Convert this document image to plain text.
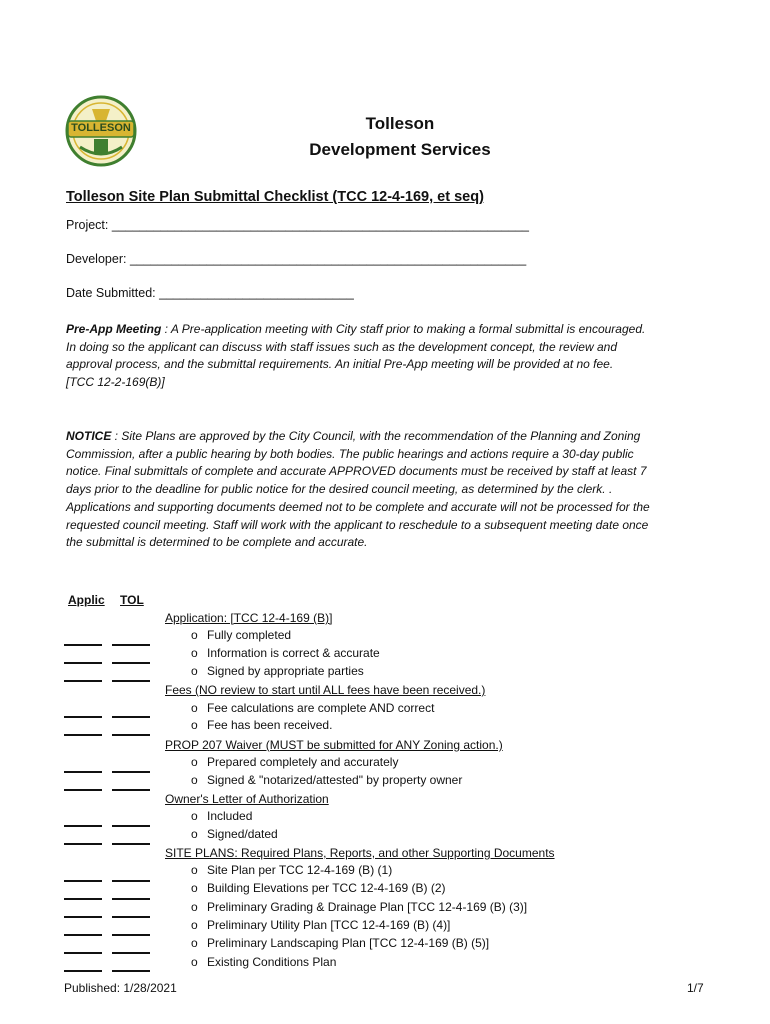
TOLLESON	Tolleson
Development Services
Tolleson Site Plan Submittal Checklist (TCC 12-4-169, et seq)
Project: ____________________________________________________________
Developer: _________________________________________________________
Date Submitted: ____________________________
Pre-App Meeting : A Pre-application meeting with City staff prior to making a formal submittal is encouraged.
In doing so the applicant can discuss with staff issues such as the development concept, the review and
approval process, and the submittal requirements. An initial Pre-App meeting will be provided at no fee.
[TCC 12-2-169(B)]
NOTICE : Site Plans are approved by the City Council, with the recommendation of the Planning and Zoning
Commission, after a public hearing by both bodies. The public hearings and actions require a 30-day public
notice. Final submittals of complete and accurate APPROVED documents must be received by staff at least 7
days prior to the deadline for public notice for the desired council meeting, as determined by the clerk. .
Applications and supporting documents deemed not to be complete and accurate will not be processed for the
requested council meeting. Staff will work with the applicant to reschedule to a subsequent meeting date once
the submittal is determined to be complete and accurate.
Applic TOL
Application: [TCC 12-4-169 (B)]
o Fully completed
o Information is correct & accurate
o Signed by appropriate parties
Fees (NO review to start until ALL fees have been received.)
o Fee calculations are complete AND correct
o Fee has been received.
PROP 207 Waiver (MUST be submitted for ANY Zoning action.)
o Prepared completely and accurately
o Signed & "notarized/attested" by property owner
Owner's Letter of Authorization
o Included
o Signed/dated
SITE PLANS: Required Plans, Reports, and other Supporting Documents
o Site Plan per TCC 12-4-169 (B) (1)
o Building Elevations per TCC 12-4-169 (B) (2)
o Preliminary Grading & Drainage Plan [TCC 12-4-169 (B) (3)]
o Preliminary Utility Plan [TCC 12-4-169 (B) (4)]
o Preliminary Landscaping Plan [TCC 12-4-169 (B) (5)]
o Existing Conditions Plan
Published: 1/28/2021	1/7
